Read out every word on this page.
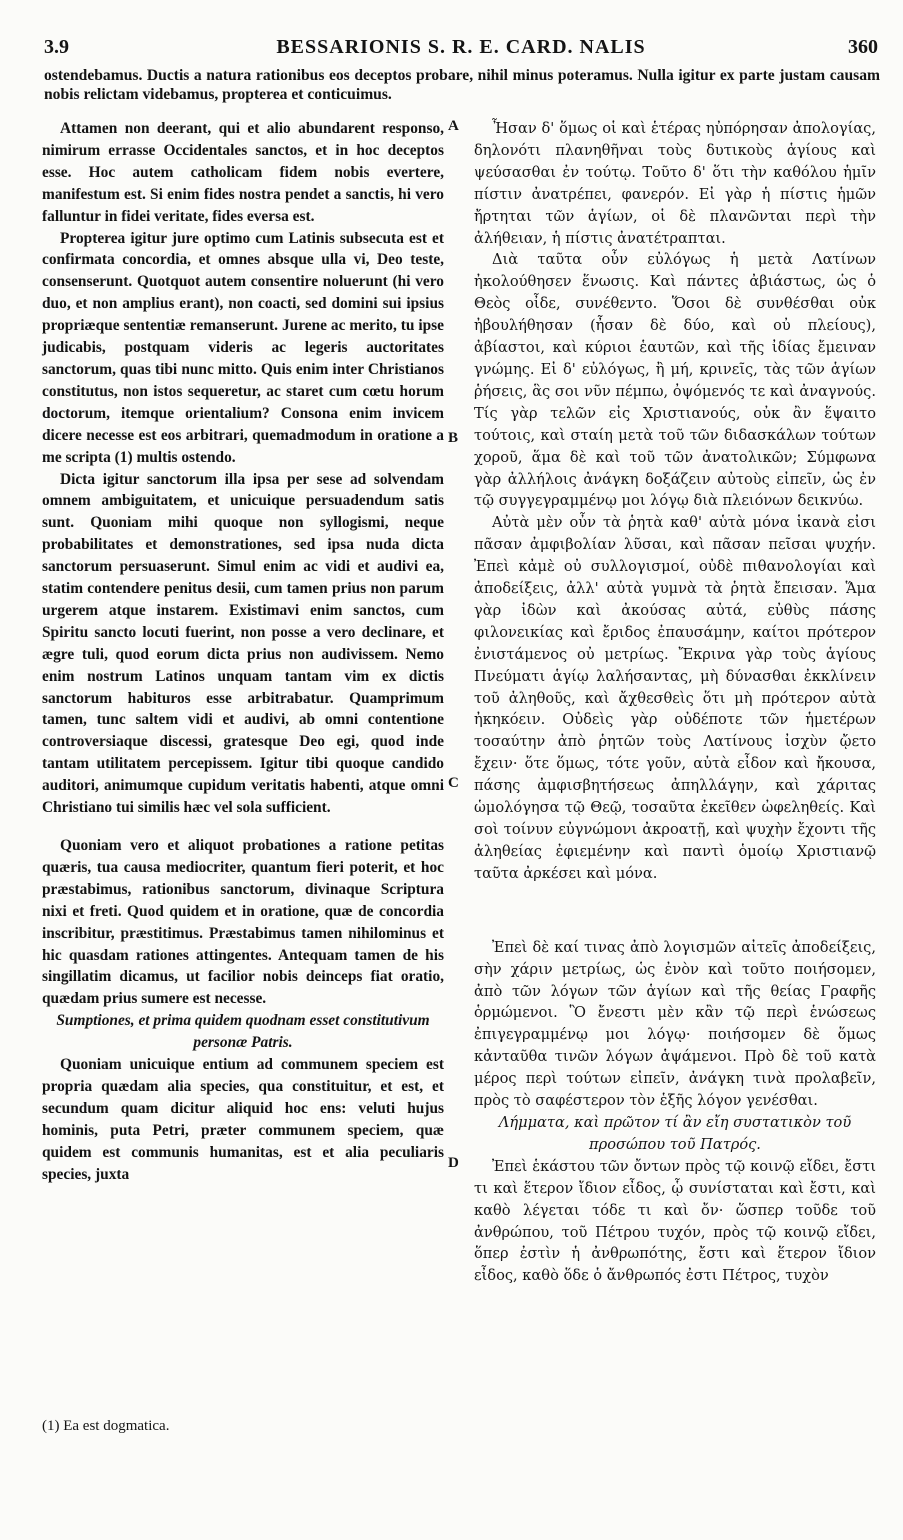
3.9	BESSARIONIS S. R. E. CARD. NALIS	360
ostendebamus. Ductis a natura rationibus eos deceptos probare, nihil minus poteramus. Nulla igitur ex parte justam causam nobis relictam videbamus, propterea et conticuimus.

Attamen non deerant, qui et alio abundarent responso, nimirum errasse Occidentales sanctos, et in hoc deceptos esse. Hoc autem catholicam fidem nobis evertere, manifestum est. Si enim fides nostra pendet a sanctis, hi vero falluntur in fidei veritate, fides eversa est.

Propterea igitur jure optimo cum Latinis subsecuta est et confirmata concordia, et omnes absque ulla vi, Deo teste, consenserunt. Quotquot autem consentire noluerunt (hi vero duo, et non amplius erant), non coacti, sed domini sui ipsius propriæque sententiæ remanserunt. Jurene ac merito, tu ipse judicabis, postquam videris ac legeris auctoritates sanctorum, quas tibi nunc mitto. Quis enim inter Christianos constitutus, non istos sequeretur, ac staret cum cœtu horum doctorum, itemque orientalium? Consona enim invicem dicere necesse est eos arbitrari, quemadmodum in oratione a me scripta (1) multis ostendo.

Dicta igitur sanctorum illa ipsa per sese ad solvendam omnem ambiguitatem, et unicuique persuadendum satis sunt. Quoniam mihi quoque non syllogismi, neque probabilitates et demonstrationes, sed ipsa nuda dicta sanctorum persuaserunt. Simul enim ac vidi et audivi ea, statim contendere penitus desii, cum tamen prius non parum urgerem atque instarem. Existimavi enim sanctos, cum Spiritu sancto locuti fuerint, non posse a vero declinare, et ægre tuli, quod eorum dicta prius non audivissem. Nemo enim nostrum Latinos unquam tantam vim ex dictis sanctorum habituros esse arbitrabatur. Quamprimum tamen, tunc saltem vidi et audivi, ab omni contentione controversiaque discessi, gratesque Deo egi, quod inde tantam utilitatem percepissem. Igitur tibi quoque candido auditori, animumque cupidum veritatis habenti, atque omni Christiano tui similis hæc vel sola sufficient.

Quoniam vero et aliquot probationes a ratione petitas quæris, tua causa mediocriter, quantum fieri poterit, et hoc præstabimus, rationibus sanctorum, divinaque Scriptura nixi et freti. Quod quidem et in oratione, quæ de concordia inscribitur, præstitimus. Præstabimus tamen nihilominus et hic quasdam rationes attingentes. Antequam tamen de his singillatim dicamus, ut facilior nobis deinceps fiat oratio, quædam prius sumere est necesse.

Sumptiones, et prima quidem quodnam esset constitutivum personæ Patris.

Quoniam unicuique entium ad communem speciem est propria quædam alia species, qua constituitur, et est, et secundum quam dicitur aliquid hoc ens: veluti hujus hominis, puta Petri, præter communem speciem, quæ quidem est communis humanitas, est et alia peculiaris species, juxta

Ἦσαν δ' ὅμως οἱ καὶ ἑτέρας ηὐπόρησαν ἀπολογίας, δηλονότι πλανηθῆναι τοὺς δυτικοὺς ἁγίους καὶ ψεύσασθαι ἐν τούτῳ. Τοῦτο δ' ὅτι τὴν καθόλου ἡμῖν πίστιν ἀνατρέπει, φανερόν. Εἰ γὰρ ἡ πίστις ἡμῶν ἤρτηται τῶν ἁγίων, οἱ δὲ πλανῶνται περὶ τὴν ἀλήθειαν, ἡ πίστις ἀνατέτραπται.

Διὰ ταῦτα οὖν εὐλόγως ἡ μετὰ Λατίνων ἠκολούθησεν ἕνωσις. Καὶ πάντες ἀβιάστως, ὡς ὁ Θεὸς οἶδε, συνέθεντο. Ὅσοι δὲ συνθέσθαι οὐκ ἠβουλήθησαν (ἦσαν δὲ δύο, καὶ οὐ πλείους), ἀβίαστοι, καὶ κύριοι ἑαυτῶν, καὶ τῆς ἰδίας ἔμειναν γνώμης. Εἰ δ' εὐλόγως, ἢ μή, κρινεῖς, τὰς τῶν ἁγίων ῥήσεις, ἃς σοι νῦν πέμπω, ὀψόμενός τε καὶ ἀναγνούς. Τίς γὰρ τελῶν εἰς Χριστιανούς, οὐκ ἂν ἕψαιτο τούτοις, καὶ σταίη μετὰ τοῦ τῶν διδασκάλων τούτων χοροῦ, ἅμα δὲ καὶ τοῦ τῶν ἀνατολικῶν; Σύμφωνα γὰρ ἀλλήλοις ἀνάγκη δοξάζειν αὐτοὺς εἰπεῖν, ὡς ἐν τῷ συγγεγραμμένῳ μοι λόγῳ διὰ πλειόνων δεικνύω.

Αὐτὰ μὲν οὖν τὰ ῥητὰ καθ' αὑτὰ μόνα ἱκανὰ εἰσι πᾶσαν ἀμφιβολίαν λῦσαι, καὶ πᾶσαν πεῖσαι ψυχήν. Ἐπεὶ κἀμὲ οὐ συλλογισμοί, οὐδὲ πιθανολογίαι καὶ ἀποδείξεις, ἀλλ' αὐτὰ γυμνὰ τὰ ῥητὰ ἔπεισαν. Ἅμα γὰρ ἰδὼν καὶ ἀκούσας αὐτά, εὐθὺς πάσης φιλονεικίας καὶ ἔριδος ἐπαυσάμην, καίτοι πρότερον ἐνιστάμενος οὐ μετρίως. Ἔκρινα γὰρ τοὺς ἁγίους Πνεύματι ἁγίῳ λαλήσαντας, μὴ δύνασθαι ἐκκλίνειν τοῦ ἀληθοῦς, καὶ ἄχθεσθεὶς ὅτι μὴ πρότερον αὐτὰ ἠκηκόειν. Οὐδεὶς γὰρ οὐδέποτε τῶν ἡμετέρων τοσαύτην ἀπὸ ῥητῶν τοὺς Λατίνους ἰσχὺν ᾤετο ἔχειν· ὅτε ὅμως, τότε γοῦν, αὐτὰ εἶδον καὶ ἤκουσα, πάσης ἀμφισβητήσεως ἀπηλλάγην, καὶ χάριτας ὡμολόγησα τῷ Θεῷ, τοσαῦτα ἐκεῖθεν ὠφεληθείς. Καὶ σοὶ τοίνυν εὐγνώμονι ἀκροατῇ, καὶ ψυχὴν ἔχοντι τῆς ἀληθείας ἐφιεμένην καὶ παντὶ ὁμοίῳ Χριστιανῷ ταῦτα ἀρκέσει καὶ μόνα.

Ἐπεὶ δὲ καί τινας ἀπὸ λογισμῶν αἰτεῖς ἀποδείξεις, σὴν χάριν μετρίως, ὡς ἐνὸν καὶ τοῦτο ποιήσομεν, ἀπὸ τῶν λόγων τῶν ἁγίων καὶ τῆς θείας Γραφῆς ὁρμώμενοι. Ὃ ἔνεστι μὲν κἂν τῷ περὶ ἑνώσεως ἐπιγεγραμμένῳ μοι λόγῳ· ποιήσομεν δὲ ὅμως κἀνταῦθα τινῶν λόγων ἁψάμενοι. Πρὸ δὲ τοῦ κατὰ μέρος περὶ τούτων εἰπεῖν, ἀνάγκη τινὰ προλαβεῖν, πρὸς τὸ σαφέστερον τὸν ἑξῆς λόγον γενέσθαι.

Λήμματα, καὶ πρῶτον τί ἂν εἴη συστατικὸν τοῦ προσώπου τοῦ Πατρός.

Ἐπεὶ ἑκάστου τῶν ὄντων πρὸς τῷ κοινῷ εἴδει, ἔστι τι καὶ ἕτερον ἴδιον εἶδος, ᾧ συνίσταται καὶ ἔστι, καὶ καθὸ λέγεται τόδε τι καὶ ὄν· ὥσπερ τοῦδε τοῦ ἀνθρώπου, τοῦ Πέτρου τυχόν, πρὸς τῷ κοινῷ εἴδει, ὅπερ ἐστὶν ἡ ἀνθρωπότης, ἔστι καὶ ἕτερον ἴδιον εἶδος, καθὸ ὅδε ὁ ἄνθρωπός ἐστι Πέτρος, τυχὸν

A
B
C
D
(1) Ea est dogmatica.
